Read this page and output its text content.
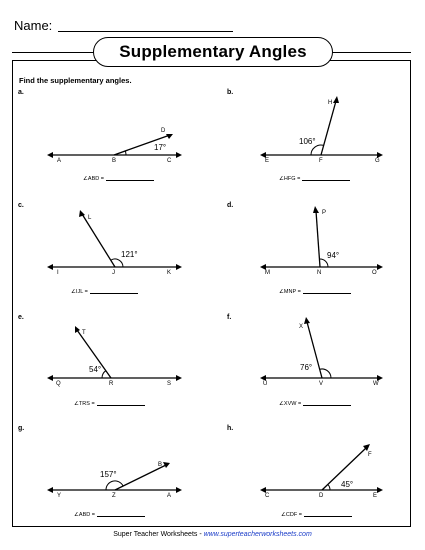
Name:
Supplementary Angles
Find the supplementary angles.
a.
A	B	C
D
17°
∠ABD =
b.
E	F	G
H
106°
∠HFG =
c.
I	J	K
L
121°
∠IJL =
d.
M	N	O
P
94°
∠MNP =
e.
Q	R	S
T
54°
∠TRS =
f.
U	V	W
X
76°
∠XVW =
g.
Y	Z	A
B
157°
∠ABD =
h.
C	D	E
F
45°
∠CDF =
Super Teacher Worksheets - www.superteacherworksheets.com
